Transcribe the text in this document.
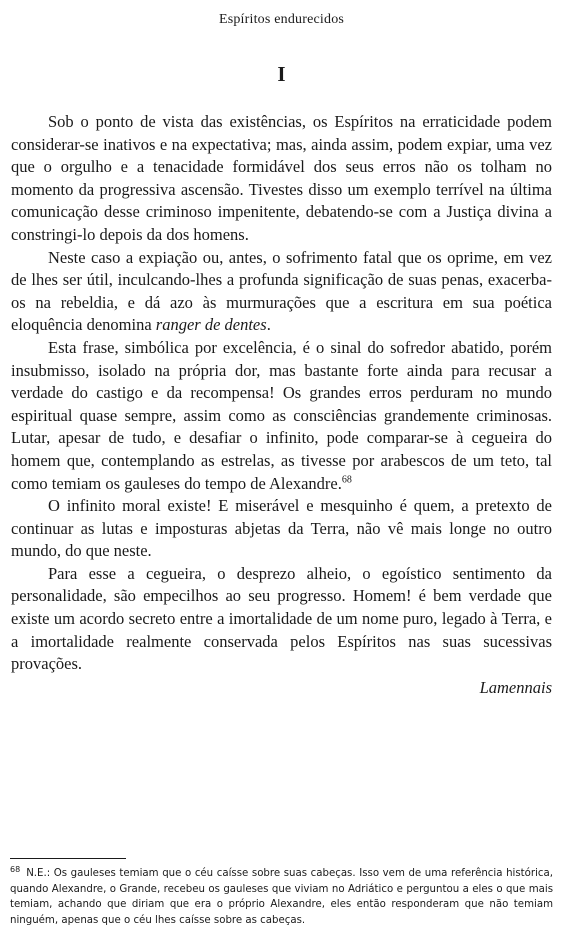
Espíritos endurecidos
I

Sob o ponto de vista das existências, os Espíritos na erraticidade podem considerar-se inativos e na expectativa; mas, ainda assim, podem expiar, uma vez que o orgulho e a tenacidade formidável dos seus erros não os tolham no momento da progressiva ascensão. Tivestes disso um exemplo terrível na última comunicação desse criminoso impenitente, debatendo-se com a Justiça divina a constringi-lo depois da dos homens.

Neste caso a expiação ou, antes, o sofrimento fatal que os oprime, em vez de lhes ser útil, inculcando-lhes a profunda significação de suas penas, exacerba-os na rebeldia, e dá azo às murmurações que a escritura em sua poética eloquência denomina ranger de dentes.

Esta frase, simbólica por excelência, é o sinal do sofredor abatido, porém insubmisso, isolado na própria dor, mas bastante forte ainda para recusar a verdade do castigo e da recompensa! Os grandes erros perduram no mundo espiritual quase sempre, assim como as consciências grandemente criminosas. Lutar, apesar de tudo, e desafiar o infinito, pode comparar-se à cegueira do homem que, contemplando as estrelas, as tivesse por arabescos de um teto, tal como temiam os gauleses do tempo de Alexandre.$^{68}$

O infinito moral existe! E miserável e mesquinho é quem, a pretexto de continuar as lutas e imposturas abjetas da Terra, não vê mais longe no outro mundo, do que neste.

Para esse a cegueira, o desprezo alheio, o egoístico sentimento da personalidade, são empecilhos ao seu progresso. Homem! é bem verdade que existe um acordo secreto entre a imortalidade de um nome puro, legado à Terra, e a imortalidade realmente conservada pelos Espíritos nas suas sucessivas provações.

Lamennais

$^{68}$ N.E.: Os gauleses temiam que o céu caísse sobre suas cabeças. Isso vem de uma referência histórica, quando Alexandre, o Grande, recebeu os gauleses que viviam no Adriático e perguntou a eles o que mais temiam, achando que diriam que era o próprio Alexandre, eles então responderam que não temiam ninguém, apenas que o céu lhes caísse sobre as cabeças.
